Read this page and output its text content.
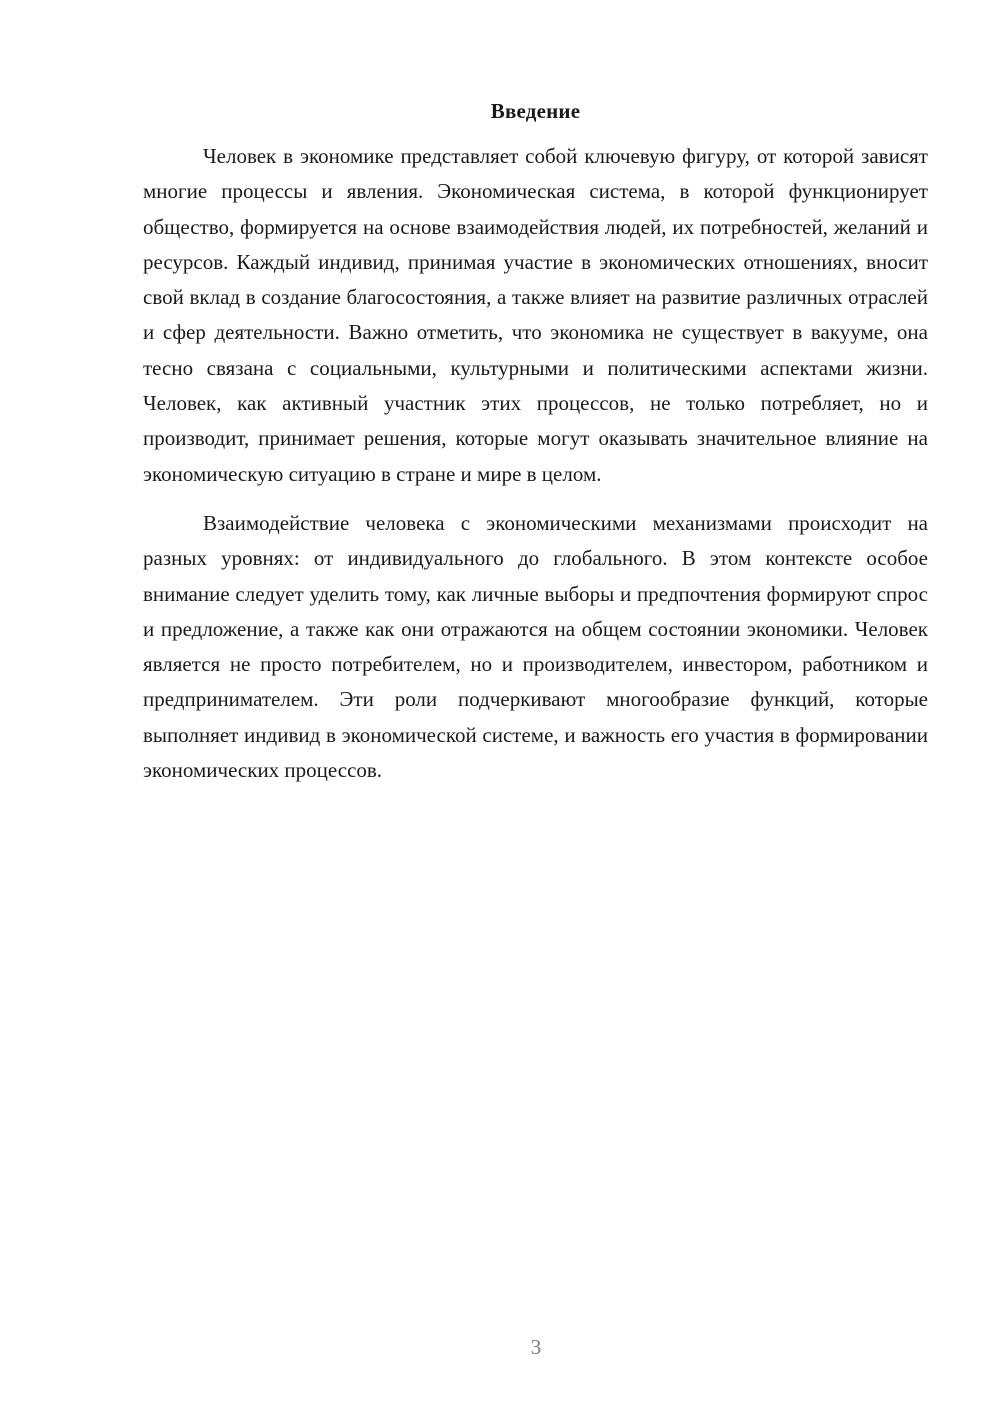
Введение

Человек в экономике представляет собой ключевую фигуру, от которой зависят многие процессы и явления. Экономическая система, в которой функционирует общество, формируется на основе взаимодействия людей, их потребностей, желаний и ресурсов. Каждый индивид, принимая участие в экономических отношениях, вносит свой вклад в создание благосостояния, а также влияет на развитие различных отраслей и сфер деятельности. Важно отметить, что экономика не существует в вакууме, она тесно связана с социальными, культурными и политическими аспектами жизни. Человек, как активный участник этих процессов, не только потребляет, но и производит, принимает решения, которые могут оказывать значительное влияние на экономическую ситуацию в стране и мире в целом.

Взаимодействие человека с экономическими механизмами происходит на разных уровнях: от индивидуального до глобального. В этом контексте особое внимание следует уделить тому, как личные выборы и предпочтения формируют спрос и предложение, а также как они отражаются на общем состоянии экономики. Человек является не просто потребителем, но и производителем, инвестором, работником и предпринимателем. Эти роли подчеркивают многообразие функций, которые выполняет индивид в экономической системе, и важность его участия в формировании экономических процессов.

3
